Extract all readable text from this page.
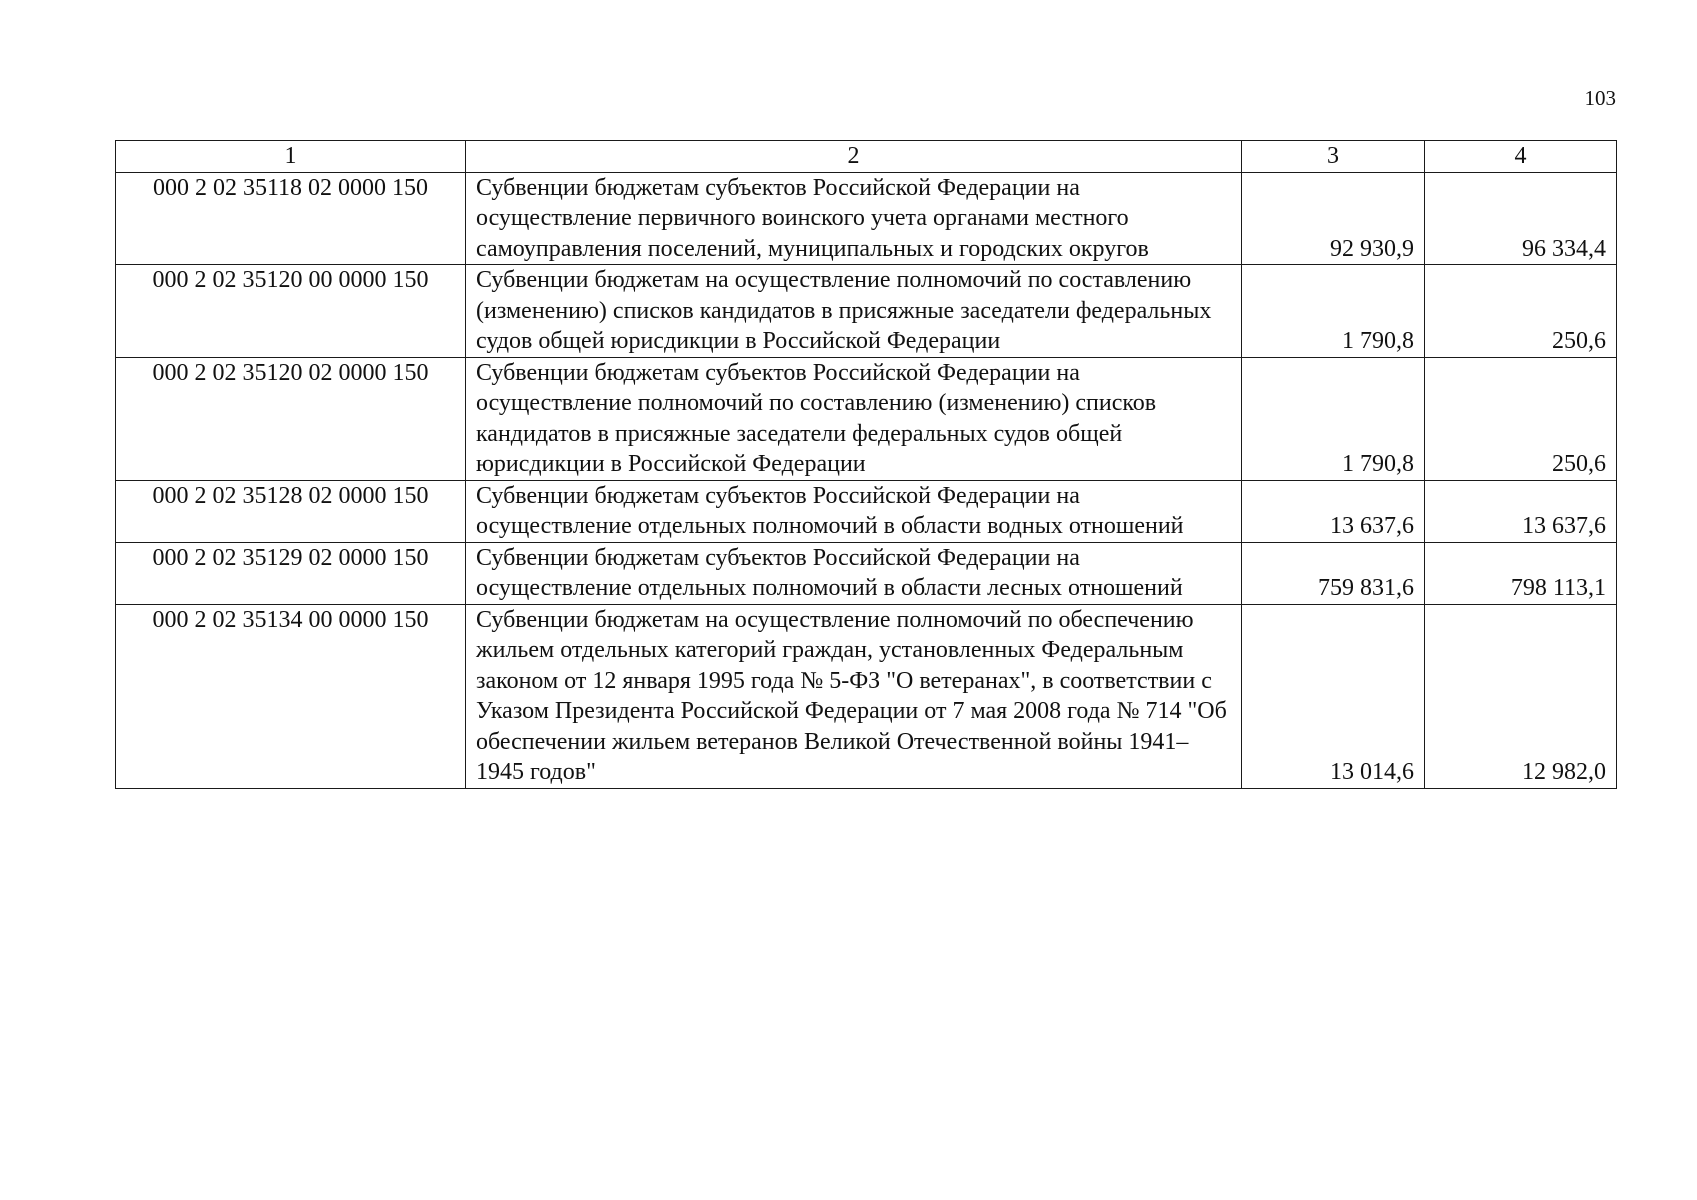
103
1	2	3	4
000 2 02 35118 02 0000 150	Субвенции бюджетам субъектов Российской Федерации на осуществление первичного воинского учета органами местного самоуправления поселений, муниципальных и городских округов	92 930,9	96 334,4
000 2 02 35120 00 0000 150	Субвенции бюджетам на осуществление полномочий по составлению (изменению) списков кандидатов в присяжные заседатели федеральных судов общей юрисдикции в Российской Федерации	1 790,8	250,6
000 2 02 35120 02 0000 150	Субвенции бюджетам субъектов Российской Федерации на осуществление полномочий по составлению (изменению) списков кандидатов в присяжные заседатели федеральных судов общей юрисдикции в Российской Федерации	1 790,8	250,6
000 2 02 35128 02 0000 150	Субвенции бюджетам субъектов Российской Федерации на осуществление отдельных полномочий в области водных отношений	13 637,6	13 637,6
000 2 02 35129 02 0000 150	Субвенции бюджетам субъектов Российской Федерации на осуществление отдельных полномочий в области лесных отношений	759 831,6	798 113,1
000 2 02 35134 00 0000 150	Субвенции бюджетам на осуществление полномочий по обеспечению жильем отдельных категорий граждан, установленных Федеральным законом от 12 января 1995 года № 5-ФЗ "О ветеранах", в соответствии с Указом Президента Российской Федерации от 7 мая 2008 года № 714 "Об обеспечении жильем ветеранов Великой Отечественной войны 1941–1945 годов"	13 014,6	12 982,0
